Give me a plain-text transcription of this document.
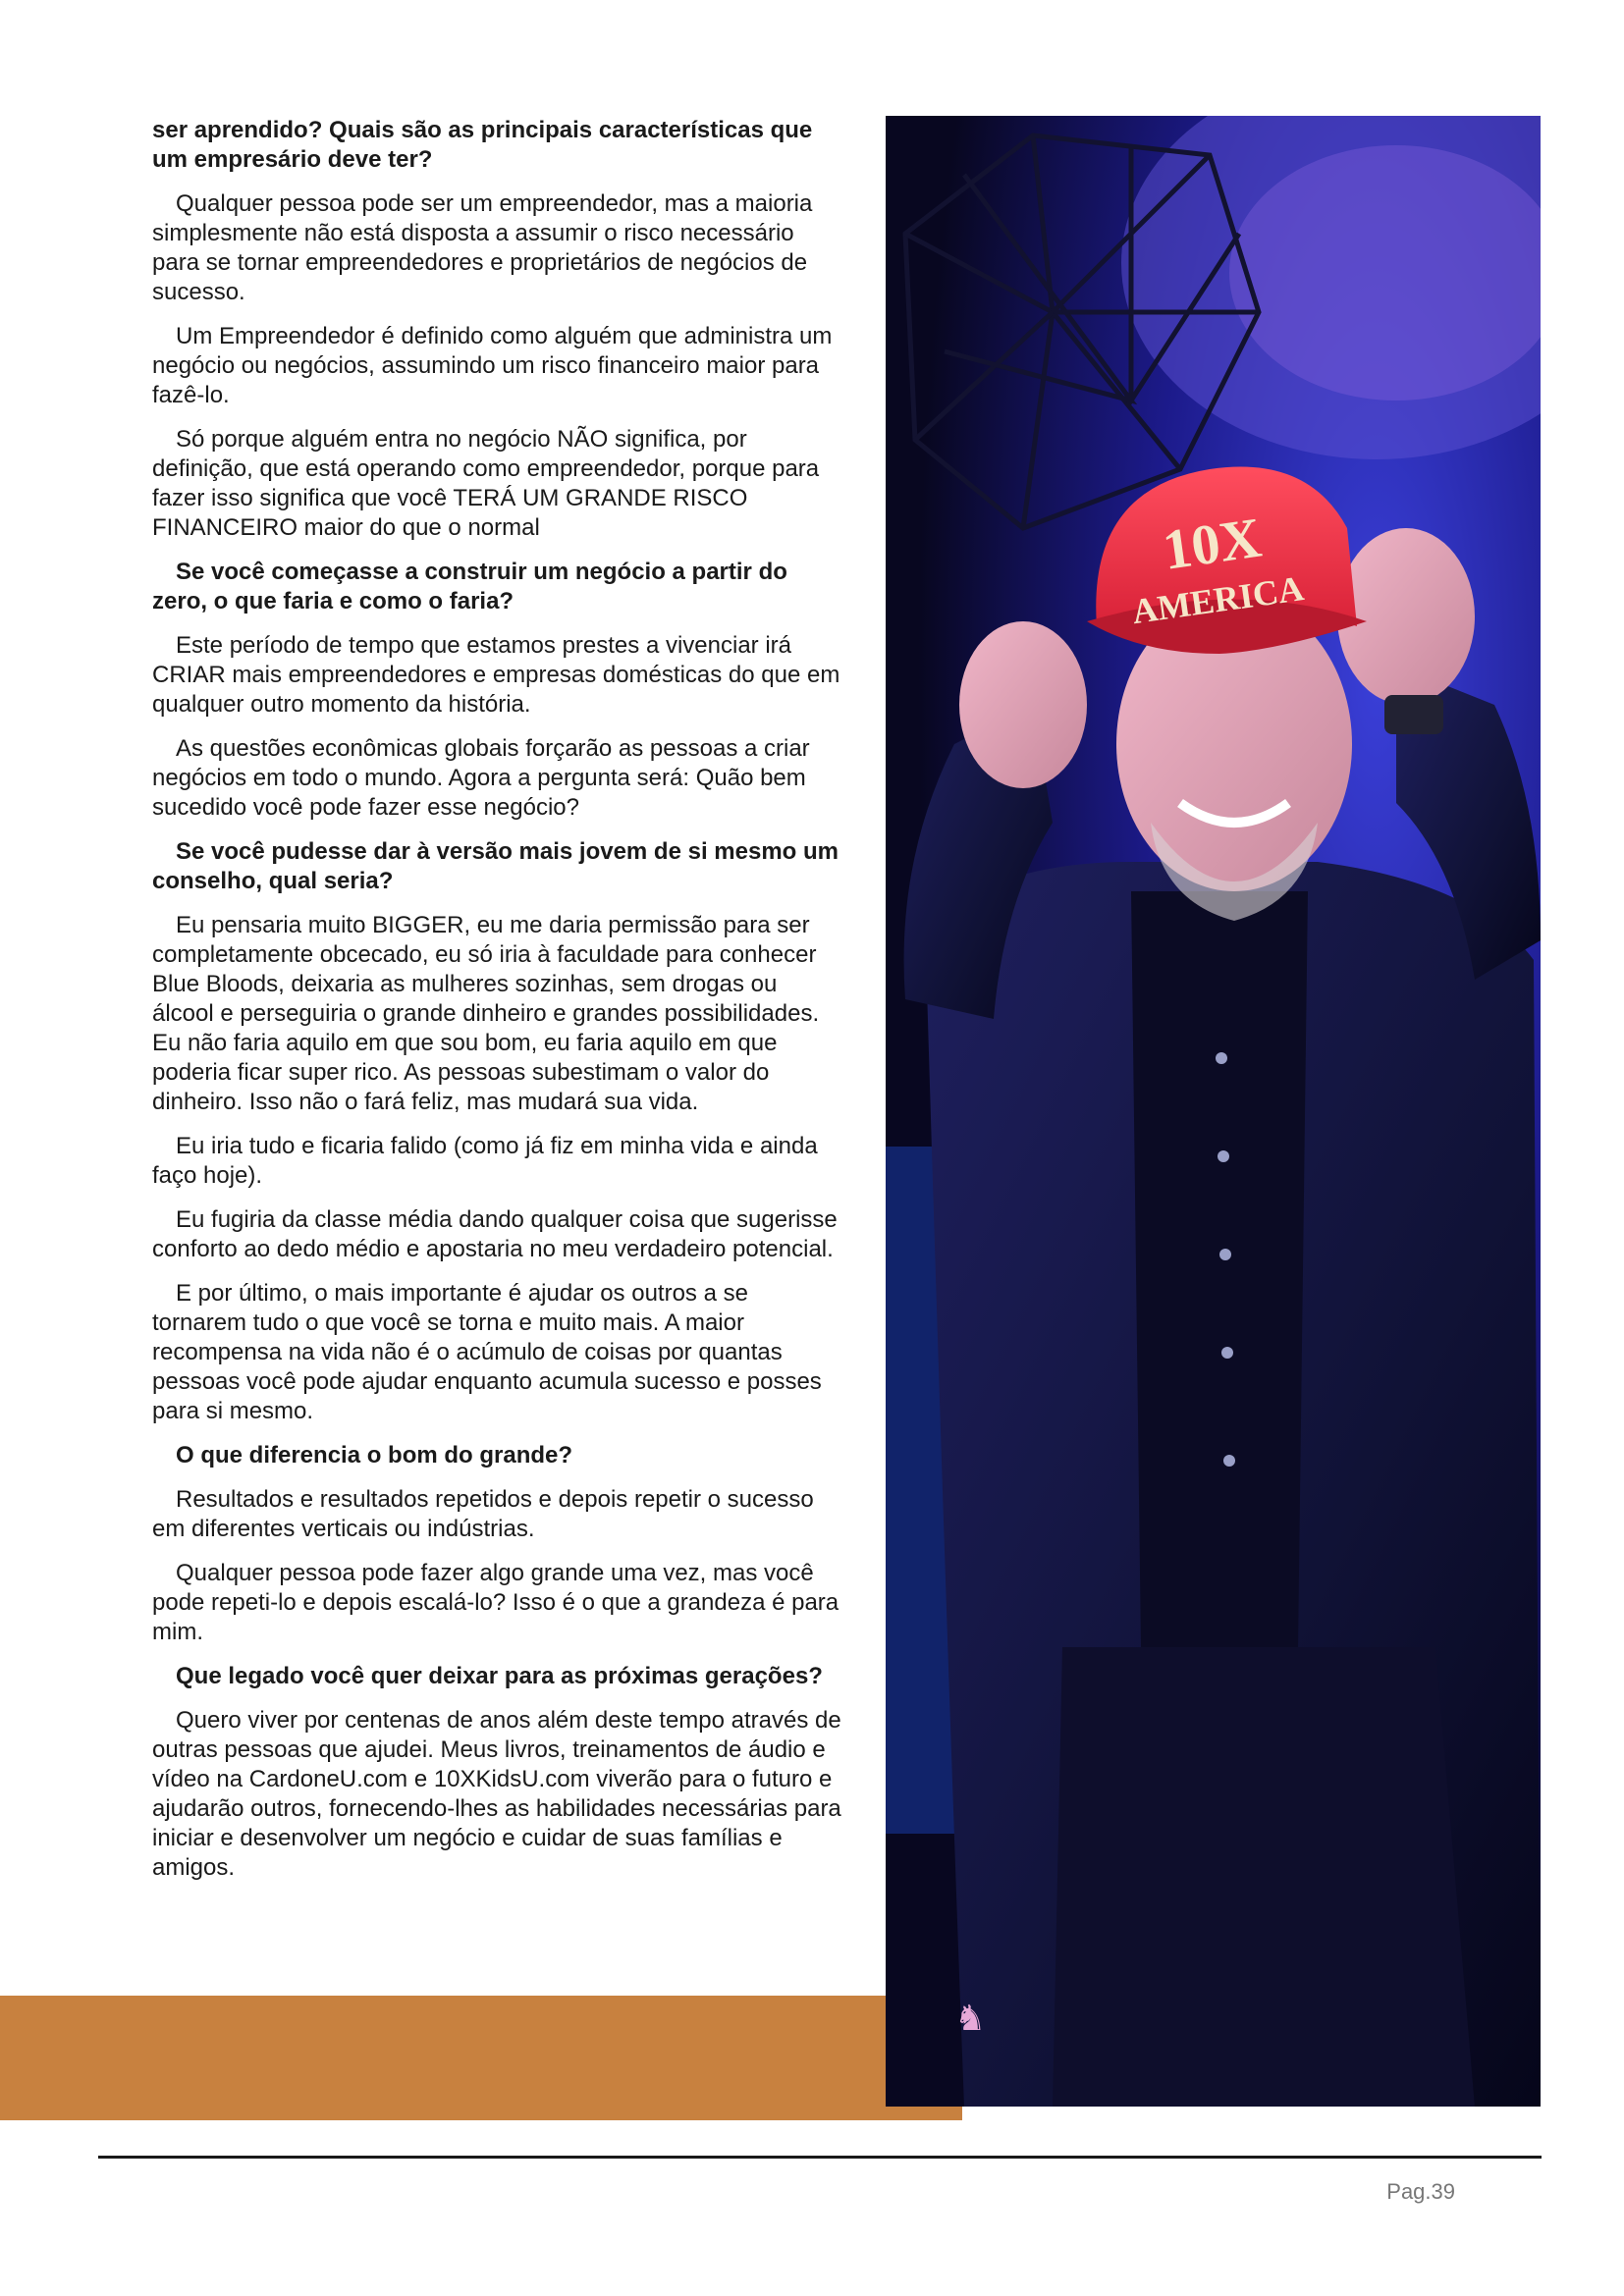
ser aprendido? Quais são as principais características que um empresário deve ter?

Qualquer pessoa pode ser um empreendedor, mas a maioria simplesmente não está disposta a assumir o risco necessário para se tornar empreendedores e proprietários de negócios de sucesso.

Um Empreendedor é definido como alguém que administra um negócio ou negócios, assumindo um risco financeiro maior para fazê-lo.

Só porque alguém entra no negócio NÃO significa, por definição, que está operando como empreendedor, porque para fazer isso significa que você TERÁ UM GRANDE RISCO FINANCEIRO maior do que o normal

Se você começasse a construir um negócio a partir do zero, o que faria e como o faria?

Este período de tempo que estamos prestes a vivenciar irá CRIAR mais empreendedores e empresas domésticas do que em qualquer outro momento da história.

As questões econômicas globais forçarão as pessoas a criar negócios em todo o mundo. Agora a pergunta será: Quão bem sucedido você pode fazer esse negócio?

Se você pudesse dar à versão mais jovem de si mesmo um conselho, qual seria?

Eu pensaria muito BIGGER, eu me daria permissão para ser completamente obcecado, eu só iria à faculdade para conhecer Blue Bloods, deixaria as mulheres sozinhas, sem drogas ou álcool e perseguiria o grande dinheiro e grandes possibilidades. Eu não faria aquilo em que sou bom, eu faria aquilo em que poderia ficar super rico. As pessoas subestimam o valor do dinheiro. Isso não o fará feliz, mas mudará sua vida.

Eu iria tudo e ficaria falido (como já fiz em minha vida e ainda faço hoje).

Eu fugiria da classe média dando qualquer coisa que sugerisse conforto ao dedo médio e apostaria no meu verdadeiro potencial.

E por último, o mais importante é ajudar os outros a se tornarem tudo o que você se torna e muito mais. A maior recompensa na vida não é o acúmulo de coisas por quantas pessoas você pode ajudar enquanto acumula sucesso e posses para si mesmo.

O que diferencia o bom do grande?

Resultados e resultados repetidos e depois repetir o sucesso em diferentes verticais ou indústrias.

Qualquer pessoa pode fazer algo grande uma vez, mas você pode repeti-lo e depois escalá-lo? Isso é o que a grandeza é para mim.

Que legado você quer deixar para as próximas gerações?

Quero viver por centenas de anos além deste tempo através de outras pessoas que ajudei. Meus livros, treinamentos de áudio e vídeo na CardoneU.com e 10XKidsU.com viverão para o futuro e ajudarão outros, fornecendo-lhes as habilidades necessárias para iniciar e desenvolver um negócio e cuidar de suas famílias e amigos.

10X
AMERICA
♞
Pag.39
